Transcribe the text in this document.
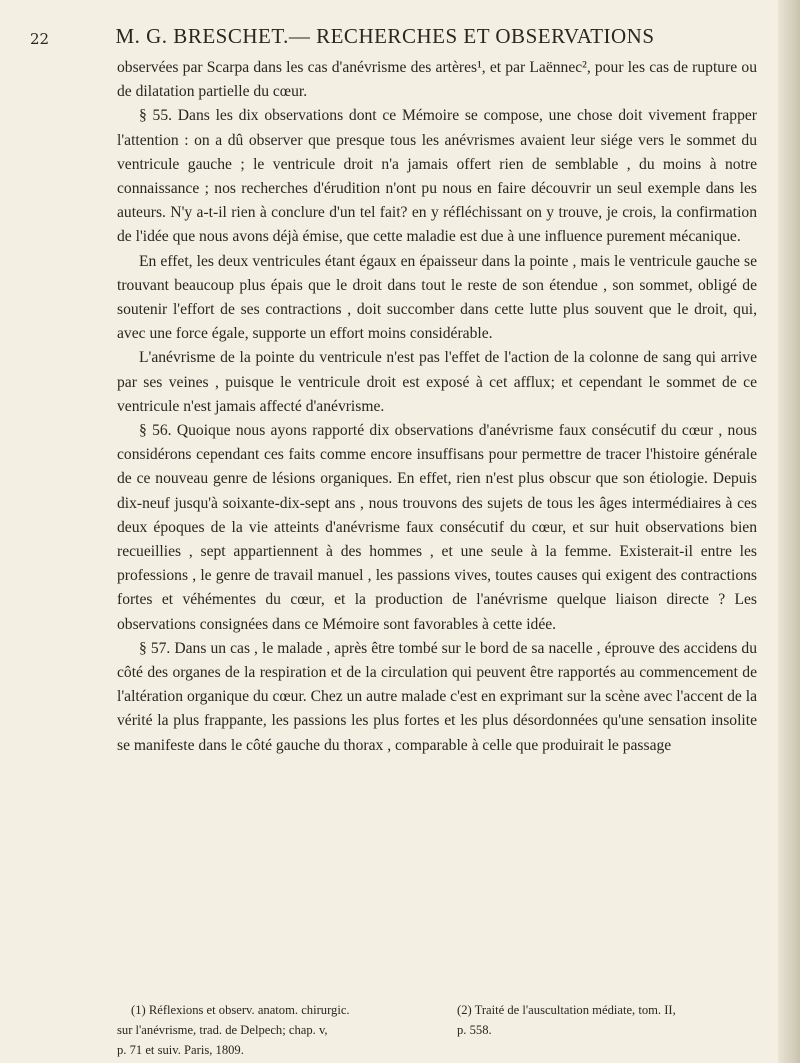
22	M. G. BRESCHET.— RECHERCHES ET OBSERVATIONS

observées par Scarpa dans les cas d'anévrisme des artères¹, et par Laënnec², pour les cas de rupture ou de dilatation partielle du cœur.

§ 55. Dans les dix observations dont ce Mémoire se compose, une chose doit vivement frapper l'attention : on a dû observer que presque tous les anévrismes avaient leur siége vers le sommet du ventricule gauche ; le ventricule droit n'a jamais offert rien de semblable , du moins à notre connaissance ; nos recherches d'érudition n'ont pu nous en faire découvrir un seul exemple dans les auteurs. N'y a-t-il rien à conclure d'un tel fait? en y réfléchissant on y trouve, je crois, la confirmation de l'idée que nous avons déjà émise, que cette maladie est due à une influence purement mécanique.

En effet, les deux ventricules étant égaux en épaisseur dans la pointe , mais le ventricule gauche se trouvant beaucoup plus épais que le droit dans tout le reste de son étendue , son sommet, obligé de soutenir l'effort de ses contractions , doit succomber dans cette lutte plus souvent que le droit, qui, avec une force égale, supporte un effort moins considérable.

L'anévrisme de la pointe du ventricule n'est pas l'effet de l'action de la colonne de sang qui arrive par ses veines , puisque le ventricule droit est exposé à cet afflux; et cependant le sommet de ce ventricule n'est jamais affecté d'anévrisme.

§ 56. Quoique nous ayons rapporté dix observations d'anévrisme faux consécutif du cœur , nous considérons cependant ces faits comme encore insuffisans pour permettre de tracer l'histoire générale de ce nouveau genre de lésions organiques. En effet, rien n'est plus obscur que son étiologie. Depuis dix-neuf jusqu'à soixante-dix-sept ans , nous trouvons des sujets de tous les âges intermédiaires à ces deux époques de la vie atteints d'anévrisme faux consécutif du cœur, et sur huit observations bien recueillies , sept appartiennent à des hommes , et une seule à la femme. Existerait-il entre les professions , le genre de travail manuel , les passions vives, toutes causes qui exigent des contractions fortes et véhémentes du cœur, et la production de l'anévrisme quelque liaison directe ? Les observations consignées dans ce Mémoire sont favorables à cette idée.

§ 57. Dans un cas , le malade , après être tombé sur le bord de sa nacelle , éprouve des accidens du côté des organes de la respiration et de la circulation qui peuvent être rapportés au commencement de l'altération organique du cœur. Chez un autre malade c'est en exprimant sur la scène avec l'accent de la vérité la plus frappante, les passions les plus fortes et les plus désordonnées qu'une sensation insolite se manifeste dans le côté gauche du thorax , comparable à celle que produirait le passage

(1) Réflexions et observ. anatom. chirurgic.	(2) Traité de l'auscultation médiate, tom. II,
sur l'anévrisme, trad. de Delpech; chap. v,	p. 558.

p. 71 et suiv. Paris, 1809.
